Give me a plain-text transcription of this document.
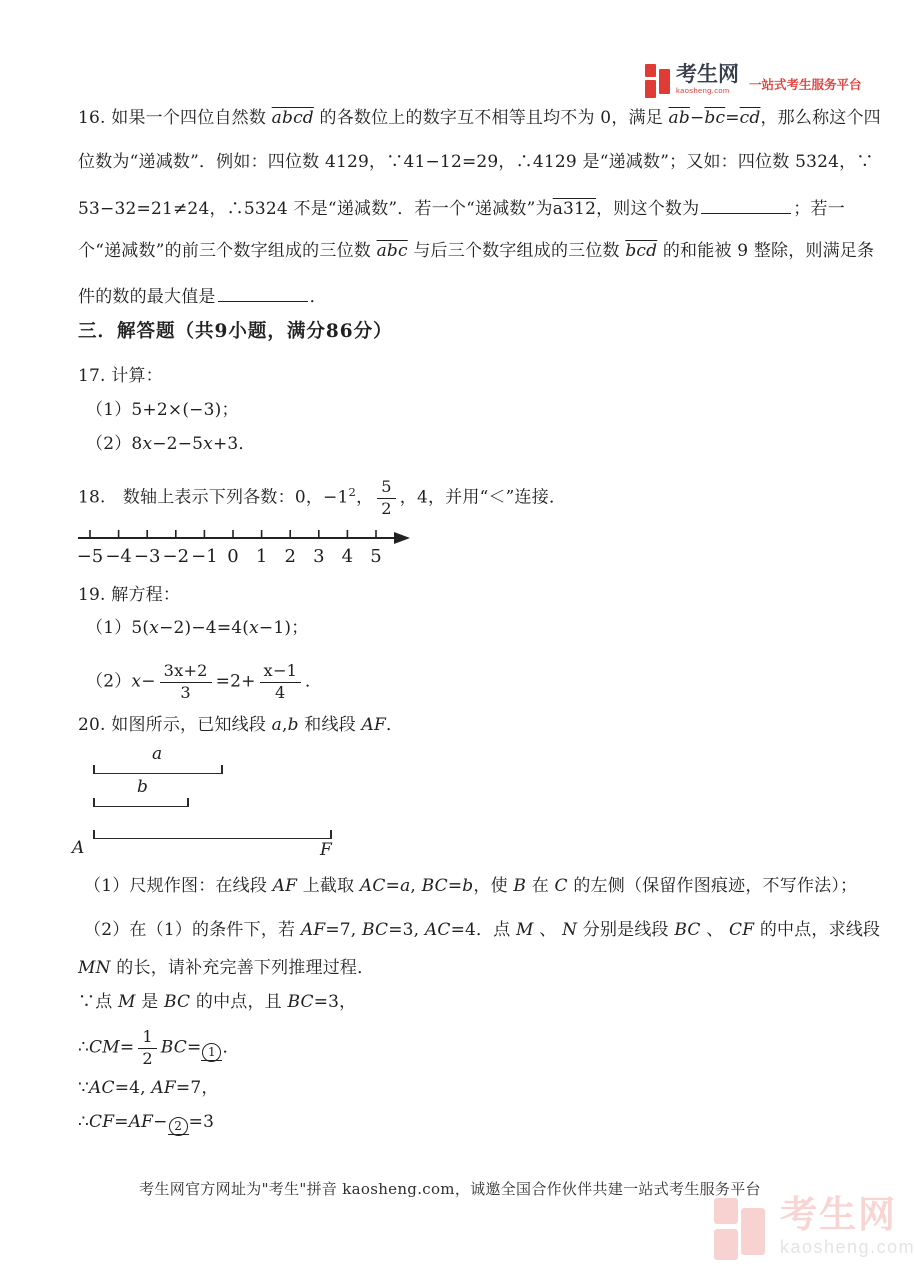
考生网
kaosheng.com	一站式考生服务平台
16. 如果一个四位自然数 abcd 的各数位上的数字互不相等且均不为 0，满足 $\overline{ab}-\overline{bc}=\overline{cd}$，那么称这个四
位数为“递减数”．例如：四位数 4129，∵41−12=29，∴4129 是“递减数”；又如：四位数 5324，∵
53−32=21≠24，∴5324 不是“递减数”．若一个“递减数”为a312，则这个数为	；若一
个“递减数”的前三个数字组成的三位数 $\overline{abc}$ 与后三个数字组成的三位数 $\overline{bcd}$ 的和能被 9 整除，则满足条
件的数的最大值是	．
三．解答题（共9小题，满分86分）
17. 计算：
（1）5+2×(−3)；
（2）8x−2−5x+3．
18.　数轴上表示下列各数：0，$-1^2$， $\frac{5}{2}$ ，4，并用“＜”连接．
−5 −4 −3 −2 −1 0 1 2 3 4 5
19. 解方程：
（1）5(x−2)−4=4(x−1)；
$(2)x- \frac{3x+2}{3} =2+ \frac{x-1}{4}$ ．
20. 如图所示，已知线段 a,b 和线段 AF．
a
b
A	F
（1）尺规作图：在线段 AF 上截取 AC=a, BC=b，使 B 在 C 的左侧（保留作图痕迹，不写作法）；
（2）在（1）的条件下，若 AF=7, BC=3, AC=4．点 M 、 N 分别是线段 BC 、 CF 的中点，求线段
MN 的长，请补充完善下列推理过程．
∵点 M 是 BC 的中点，且 BC=3，
∴CM= $\frac{1}{2} BC= 1$ ．
∵AC=4, AF=7，
∴CF=AF− 2 =3
考生网官方网址为"考生"拼音 kaosheng.com，诚邀全国合作伙伴共建一站式考生服务平台
考生网
kaosheng.com
